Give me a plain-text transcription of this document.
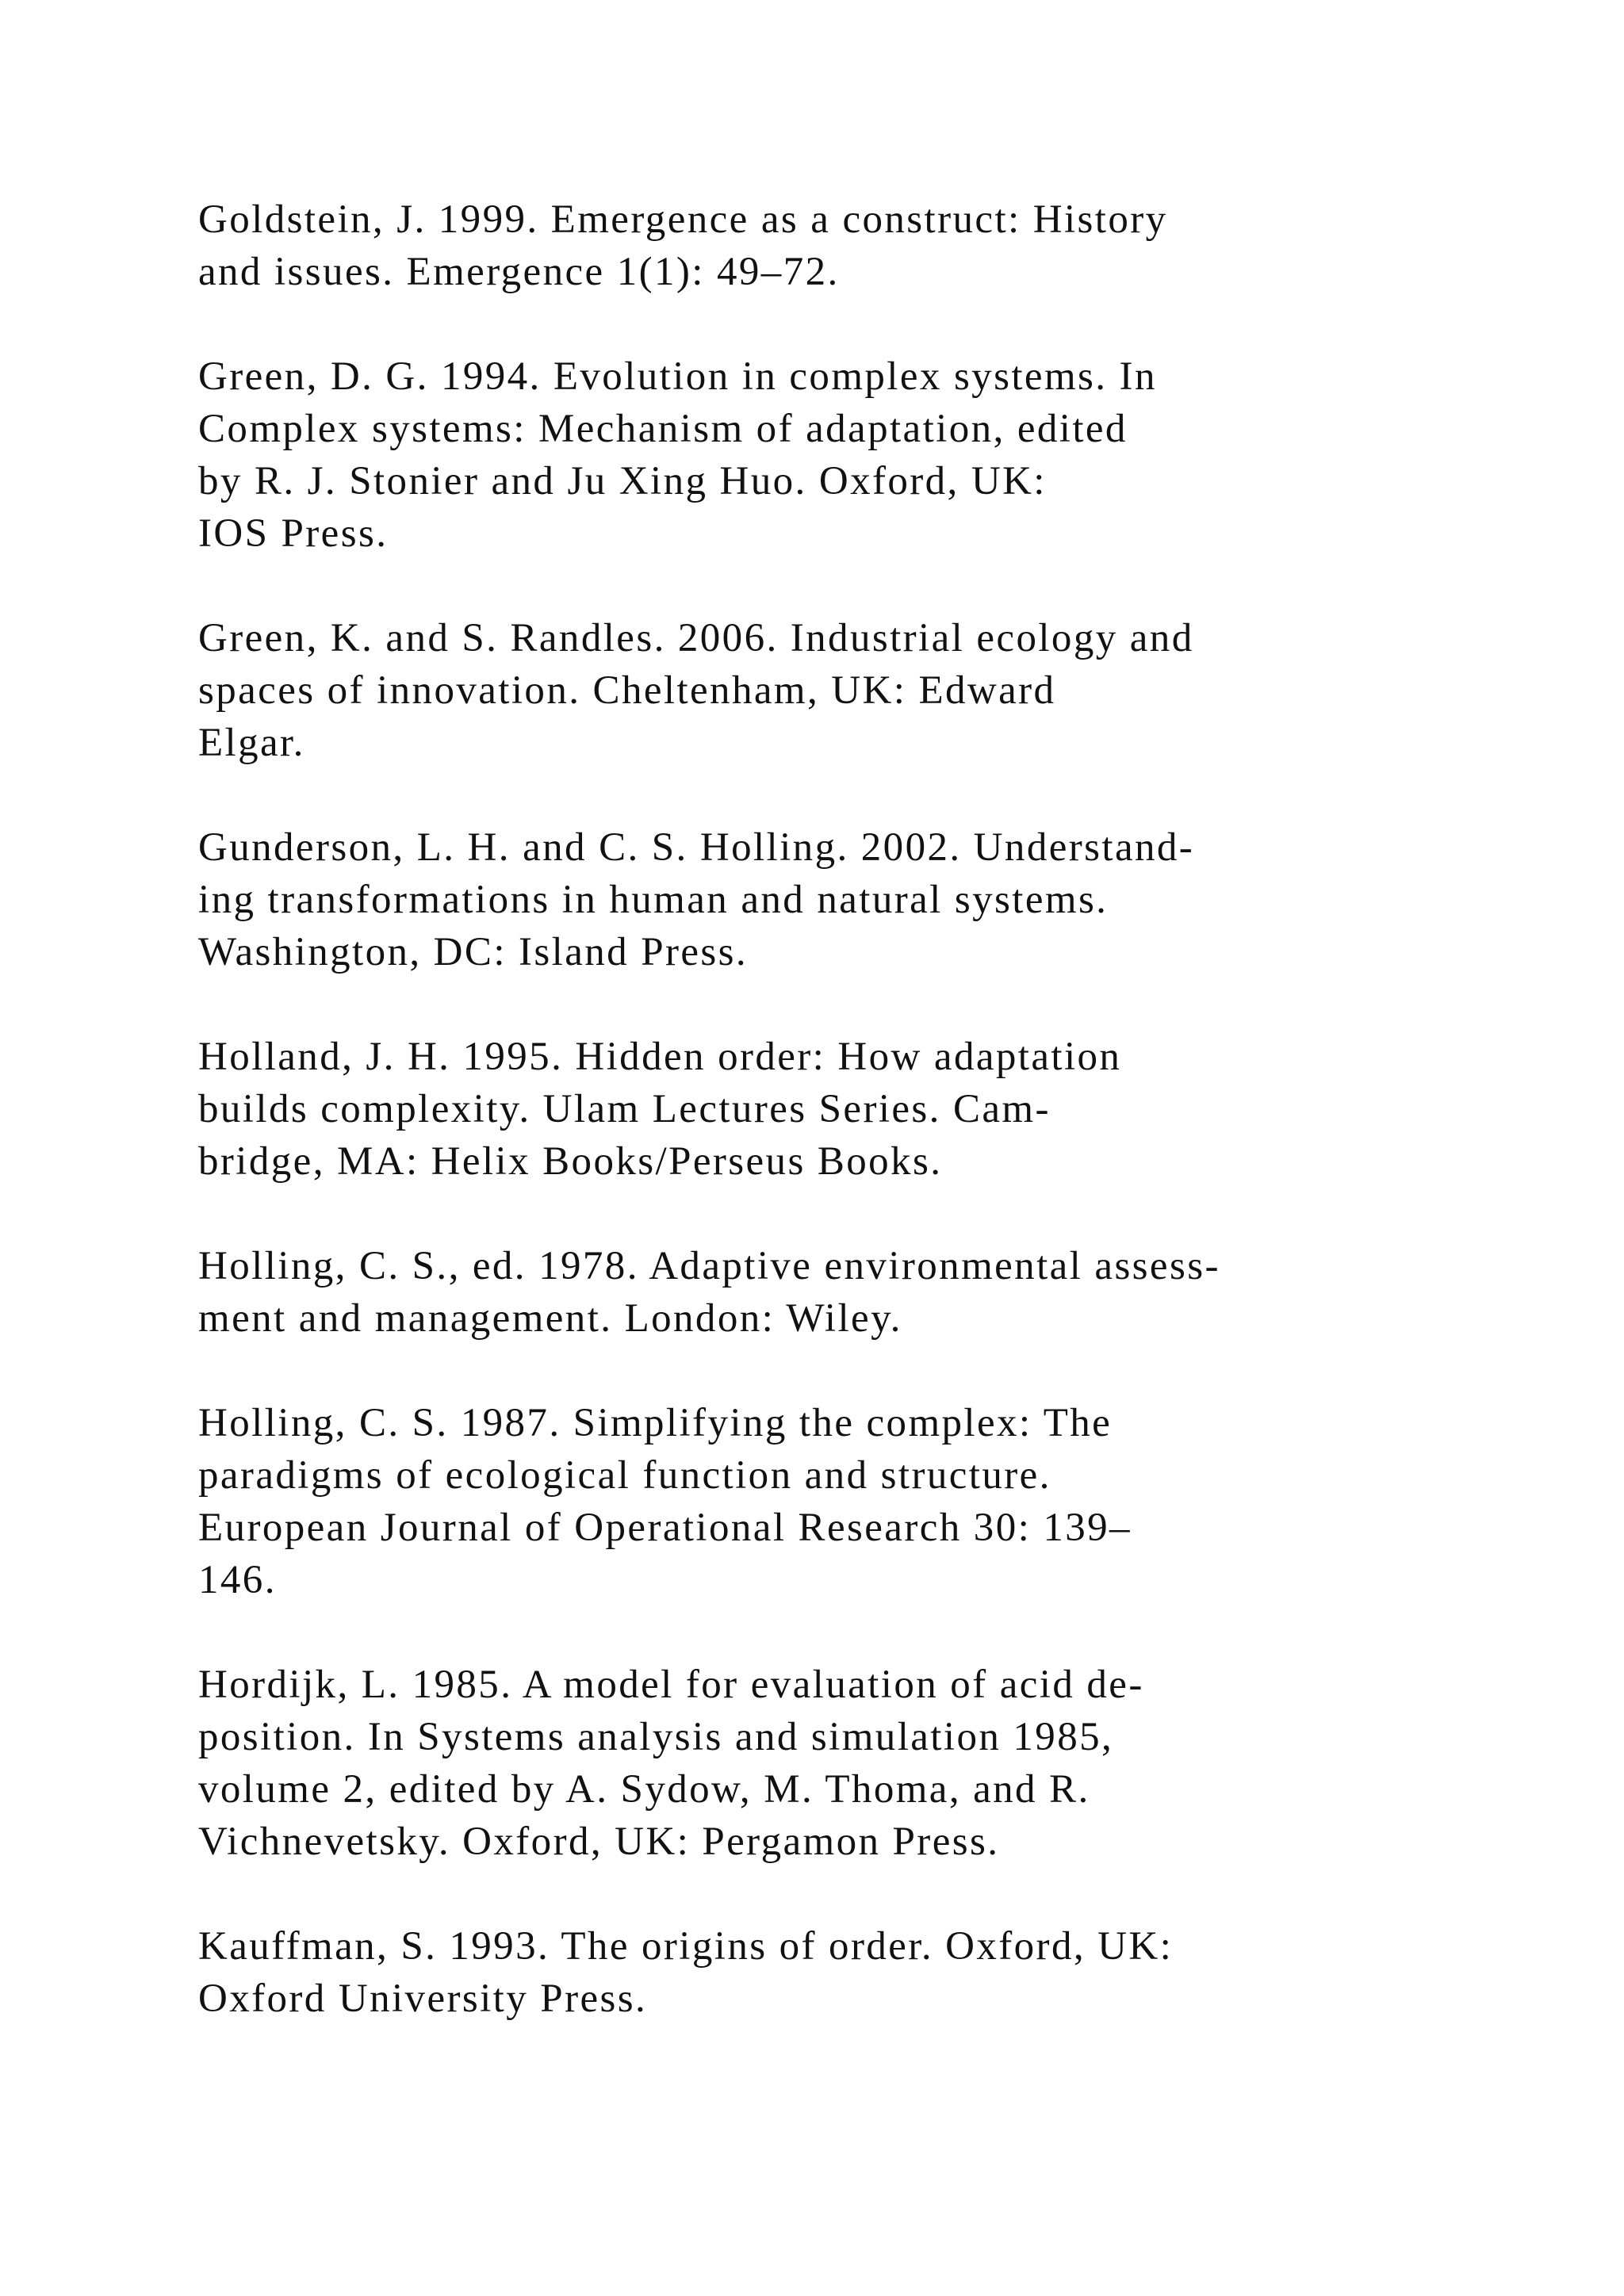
Goldstein, J. 1999. Emergence as a construct: History
and issues. Emergence 1(1): 49–72.
Green, D. G. 1994. Evolution in complex systems. In
Complex systems: Mechanism of adaptation, edited
by R. J. Stonier and Ju Xing Huo. Oxford, UK:
IOS Press.
Green, K. and S. Randles. 2006. Industrial ecology and
spaces of innovation. Cheltenham, UK: Edward
Elgar.
Gunderson, L. H. and C. S. Holling. 2002. Understand-
ing transformations in human and natural systems.
Washington, DC: Island Press.
Holland, J. H. 1995. Hidden order: How adaptation
builds complexity. Ulam Lectures Series. Cam-
bridge, MA: Helix Books/Perseus Books.
Holling, C. S., ed. 1978. Adaptive environmental assess-
ment and management. London: Wiley.
Holling, C. S. 1987. Simplifying the complex: The
paradigms of ecological function and structure.
European Journal of Operational Research 30: 139–
146.
Hordijk, L. 1985. A model for evaluation of acid de-
position. In Systems analysis and simulation 1985,
volume 2, edited by A. Sydow, M. Thoma, and R.
Vichnevetsky. Oxford, UK: Pergamon Press.
Kauffman, S. 1993. The origins of order. Oxford, UK:
Oxford University Press.
